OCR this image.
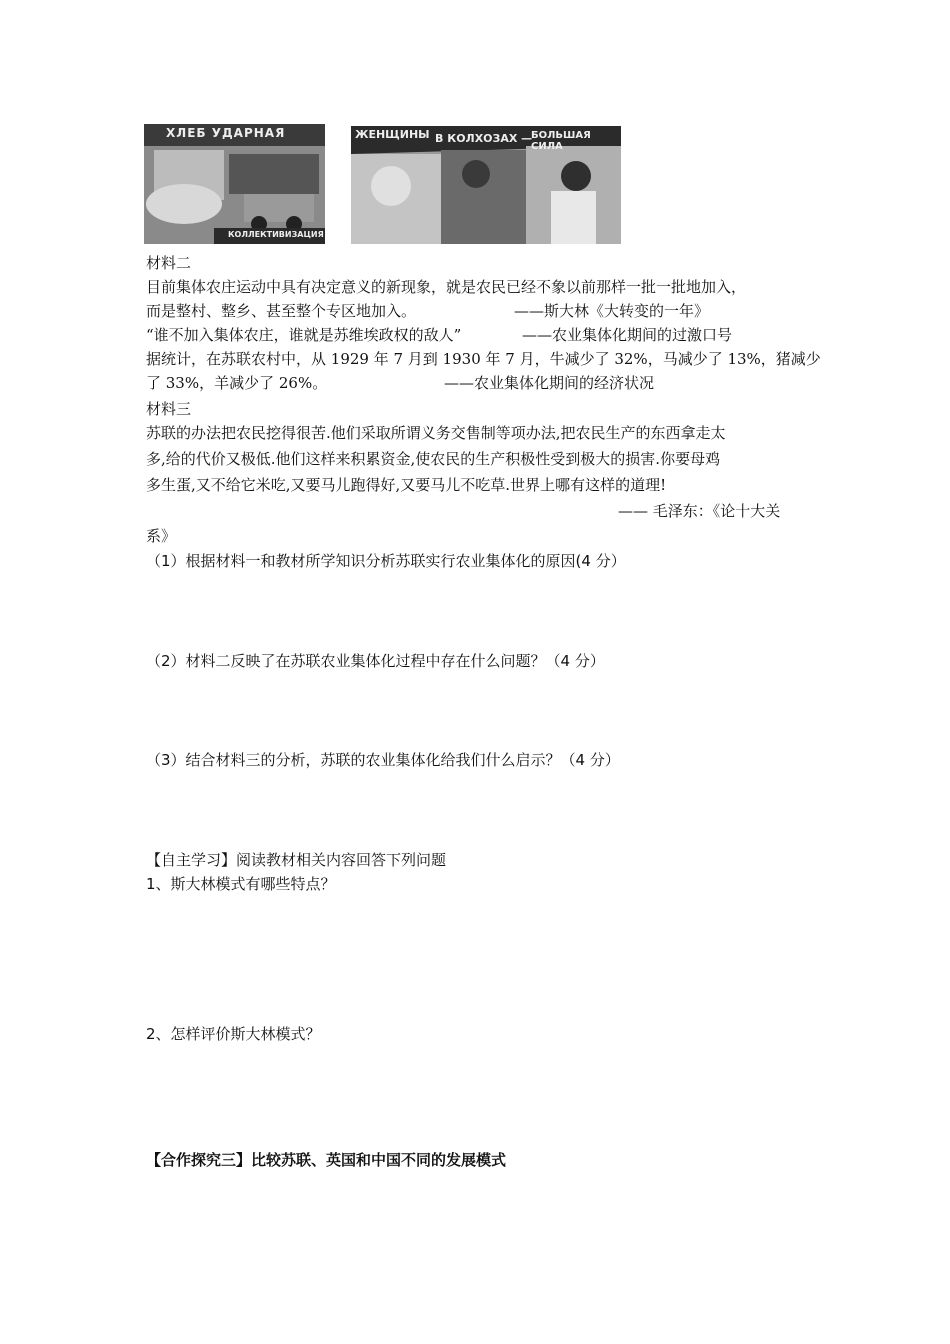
ХЛЕБ УДАРНАЯ
КОЛЛЕКТИВИЗАЦИЯ
ЖЕНЩИНЫ В КОЛХОЗАХ —
БОЛЬШАЯ СИЛА
材料二
目前集体农庄运动中具有决定意义的新现象，就是农民已经不象以前那样一批一批地加入，
而是整村、整乡、甚至整个专区地加入。	——斯大林《大转变的一年》
“谁不加入集体农庄，谁就是苏维埃政权的敌人”	——农业集体化期间的过激口号
据统计，在苏联农村中，从 1929 年 7 月到 1930 年 7 月，牛减少了 32%，马减少了 13%，猪减少
了 33%，羊减少了 26%。	——农业集体化期间的经济状况
材料三
苏联的办法把农民挖得很苦.他们采取所谓义务交售制等项办法,把农民生产的东西拿走太
多,给的代价又极低.他们这样来积累资金,使农民的生产积极性受到极大的损害.你要母鸡
多生蛋,又不给它米吃,又要马儿跑得好,又要马儿不吃草.世界上哪有这样的道理!
—— 毛泽东：《论十大关
系》
（1）根据材料一和教材所学知识分析苏联实行农业集体化的原因(4 分）
（2）材料二反映了在苏联农业集体化过程中存在什么问题？（4 分）
（3）结合材料三的分析，苏联的农业集体化给我们什么启示？（4 分）
【自主学习】阅读教材相关内容回答下列问题
1、斯大林模式有哪些特点？
2、怎样评价斯大林模式？
【合作探究三】比较苏联、英国和中国不同的发展模式
